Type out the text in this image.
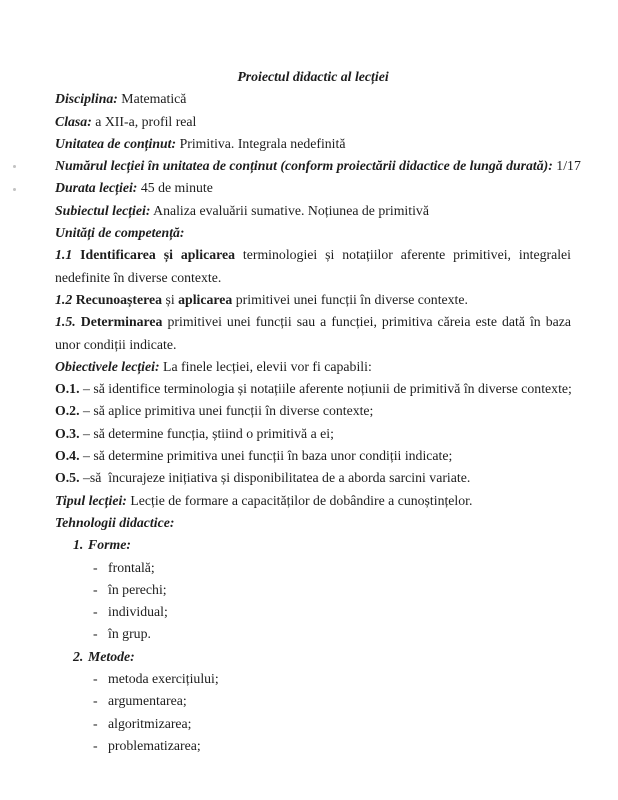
Proiectul didactic al lecției

Disciplina: Matematică

Clasa: a XII-a, profil real

Unitatea de conținut: Primitiva. Integrala nedefinită

Numărul lecției în unitatea de conținut (conform proiectării didactice de lungă durată): 1/17

Durata lecției: 45 de minute

Subiectul lecției: Analiza evaluării sumative. Noțiunea de primitivă

Unități de competență:

1.1 Identificarea și aplicarea terminologiei și notațiilor aferente primitivei, integralei nedefinite în diverse contexte.

1.2 Recunoașterea și aplicarea primitivei unei funcții în diverse contexte.

1.5. Determinarea primitivei unei funcții sau a funcției, primitiva căreia este dată în baza unor condiții indicate.

Obiectivele lecției: La finele lecției, elevii vor fi capabili:

O.1. – să identifice terminologia și notațiile aferente noțiunii de primitivă în diverse contexte;

O.2. – să aplice primitiva unei funcții în diverse contexte;

O.3. – să determine funcția, știind o primitivă a ei;

O.4. – să determine primitiva unei funcții în baza unor condiții indicate;

O.5. –să  încurajeze inițiativa și disponibilitatea de a aborda sarcini variate.

Tipul lecției: Lecție de formare a capacităților de dobândire a cunoștințelor.

Tehnologii didactice:

1. Forme:

- frontală;

- în perechi;

- individual;

- în grup.

2. Metode:

- metoda exercițiului;

- argumentarea;

- algoritmizarea;

- problematizarea;
